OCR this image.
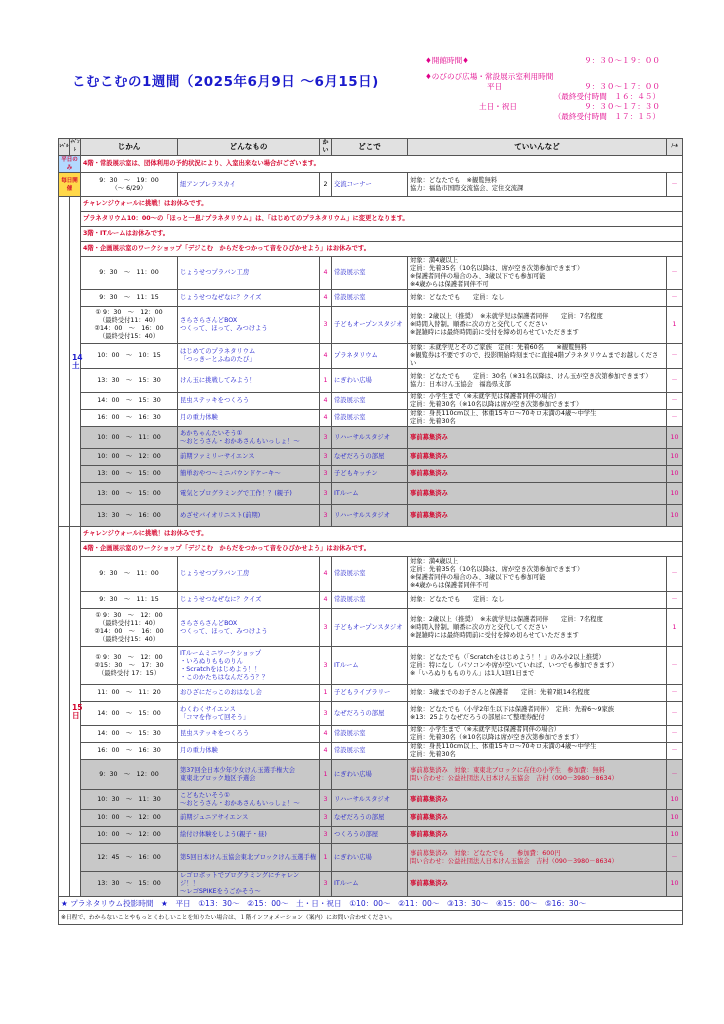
こむこむの1週間（2025年6月9日 ～6月15日)
♦開館時間♦	９：３０～１９：００
♦のびのび広場・常設展示室利用時間
平日	９：３０～１７：００
（最終受付時間　１６：４５）
土日・祝日	９：３０～１７：３０
（最終受付時間　１７：１５）
ﾚﾍﾞﾙ	ｲﾍﾞﾝﾄ	じかん	どんなもの	かい	どこで	ていいんなど	ﾉｰﾙ
平日のみ		4階・常設展示室は、団体利用の予約状況により、入室出来ない場合がございます。					
毎日開催		9：30　～　19：00
（～ 6/29）	紐アンブレラスカイ	2	交流コーナー	対象：どなたでも　※観覧無料
協力：福島市国際交流協会、定住交流課	－
	14
土	チャレンジウォールに挑戦！はお休みです。					
		プラネタリウム10：00～の「ほっと一息♪プラネタリウム」は、「はじめてのプラネタリウム」に変更となります。					
		3階・ITルームはお休みです。					
		4階・企画展示室のワークショップ「デジこむ　からだをつかって音をひびかせよう」はお休みです。					
		9：30　～　11：00	じょうせつプラバン工房	4	常設展示室	対象：満4歳以上
定員：先着35名（10名以降は、席が空き次第参加できます）
※保護者同伴の場合のみ、3歳以下でも参加可能
※4歳からは保護者同伴不可	－
		9：30　～　11：15	じょうせつなぜなに？クイズ	4	常設展示室	対象：どなたでも　　定員：なし	－
		① 9：30　～　12：00
（最終受付11：40）
②14：00　～　16：00
（最終受付15：40）	さらさらさんどBOX
つくって、ほって、みつけよう	3	子どもオープンスタジオ	対象：2歳以上（推奨）　※未就学児は保護者同伴　　定員：7名程度
※時間入替制。順番に次の方と交代してください
※混雑時には最終時間前に受付を締め切らせていただきます	1
		10：00　～　10：15	はじめてのプラネタリウム
「つっきーとふねのたび」	4	プラネタリウム	対象：未就学児とそのご家族　定員：先着60名　　※観覧無料
※観覧券は不要ですので、投影開始時刻までに直接4階プラネタリウムまでお越しください	－
		13：30　～　15：30	けん玉に挑戦してみよう！	1	にぎわい広場	対象：どなたでも　　定員：30名（※31名以降は、けん玉が空き次第参加できます）
協力：日本けん玉協会　福島県支部	－
		14：00　～　15：30	昆虫ステッキをつくろう	4	常設展示室	対象：小学生まで（※未就学児は保護者同伴の場合）
定員：先着30名（※10名以降は席が空き次第参加できます）	－
		16：00　～　16：30	月の重力体験	4	常設展示室	対象：身長110cm以上、体重15キロ～70キロ未満の4歳～中学生
定員：先着30名	－
		10：00　～　11：00	あかちゃんたいそう①
～おとうさん・おかあさんもいっしょ！～	3	リハーサルスタジオ	事前募集済み	10
		10：00　～　12：00	前期ファミリーサイエンス	3	なぜだろうの部屋	事前募集済み	10
		13：00　～　15：00	簡単おやつ～ミニパウンドケーキ～	3	子どもキッチン	事前募集済み	10
		13：00　～　15：00	電気とプログラミングで工作！？(親子)	3	ITルーム	事前募集済み	10
		13：30　～　16：00	めざせバイオリニスト(前期)	3	リハーサルスタジオ	事前募集済み	10
	15
日	チャレンジウォールに挑戦！はお休みです。					
		4階・企画展示室のワークショップ「デジこむ　からだをつかって音をひびかせよう」はお休みです。					
		9：30　～　11：00	じょうせつプラバン工房	4	常設展示室	対象：満4歳以上
定員：先着35名（10名以降は、席が空き次第参加できます）
※保護者同伴の場合のみ、3歳以下でも参加可能
※4歳からは保護者同伴不可	－
		9：30　～　11：15	じょうせつなぜなに？クイズ	4	常設展示室	対象：どなたでも　　定員：なし	－
		① 9：30　～　12：00
（最終受付11：40）
②14：00　～　16：00
（最終受付15：40）	さらさらさんどBOX
つくって、ほって、みつけよう	3	子どもオープンスタジオ	対象：2歳以上（推奨）　※未就学児は保護者同伴　　定員：7名程度
※時間入替制。順番に次の方と交代してください
※混雑時には最終時間前に受付を締め切らせていただきます	1
		① 9：30　～　12：00
②15：30　～　17：30
（最終受付 17：15）	ITルームミニワークショップ
・いろぬりもものりん
・Scratchをはじめよう！！
・このかたちはなんだろう？？	3	ITルーム	対象：どなたでも（「Scratchをはじめよう！！」のみ小2以上推奨）
定員：特になし（パソコンや席が空いていれば、いつでも参加できます）
※「いろぬりもものりん」は1人1回1日まで	－
		11：00　～　11：20	おひざにだっこのおはなし会	1	子どもライブラリー	対象：3歳までのお子さんと保護者　　定員：先着7組14名程度	－
		14：00　～　15：00	わくわくサイエンス
「コマを作って回そう」	3	なぜだろうの部屋	対象：どなたでも（小学2年生以下は保護者同伴）　定員：先着6～9家族
※13：25よりなぜだろうの部屋にて整理券配付	－
		14：00　～　15：30	昆虫ステッキをつくろう	4	常設展示室	対象：小学生まで（※未就学児は保護者同伴の場合）
定員：先着30名（※10名以降は席が空き次第参加できます）	－
		16：00　～　16：30	月の重力体験	4	常設展示室	対象：身長110cm以上、体重15キロ～70キロ未満の4歳～中学生
定員：先着30名	－
		9：30　～　12：00	第37回全日本少年少女けん玉選手権大会
東東北ブロック地区予選会	1	にぎわい広場	事前募集済み　対象：東東北ブロックに在住の小学生　参加費：無料
問い合わせ：公益社団法人日本けん玉協会　吉村（090－3980－8634）	－
		10：30　～　11：30	こどもたいそう①
～おとうさん・おかあさんもいっしょ！～	3	リハーサルスタジオ	事前募集済み	10
		10：00　～　12：00	前期ジュニアサイエンス	3	なぜだろうの部屋	事前募集済み	10
		10：00　～　12：00	絵付け体験をしよう(親子・昼)	3	つくろうの部屋	事前募集済み	10
		12：45　～　16：00	第5回日本けん玉協会東北ブロックけん玉選手権	1	にぎわい広場	事前募集済み　対象：どなたでも　　参加費：600円
問い合わせ：公益社団法人日本けん玉協会　吉村（090－3980－8634）	－
		13：30　～　15：00	レゴロボットでプログラミングにチャレンジ！！
～レゴSPIKEをうごかそう～	3	ITルーム	事前募集済み	10
★ プラネタリウム投影時間　★　平日　①13：30～　②15：00～　土・日・祝日　①10：00～　②11：00～　③13：30～　④15：00～　⑤16：30～							
※日程で、わからないことやもっとくわしいことを知りたい場合は、１階インフォメーション（案内）にお問い合わせください。							
